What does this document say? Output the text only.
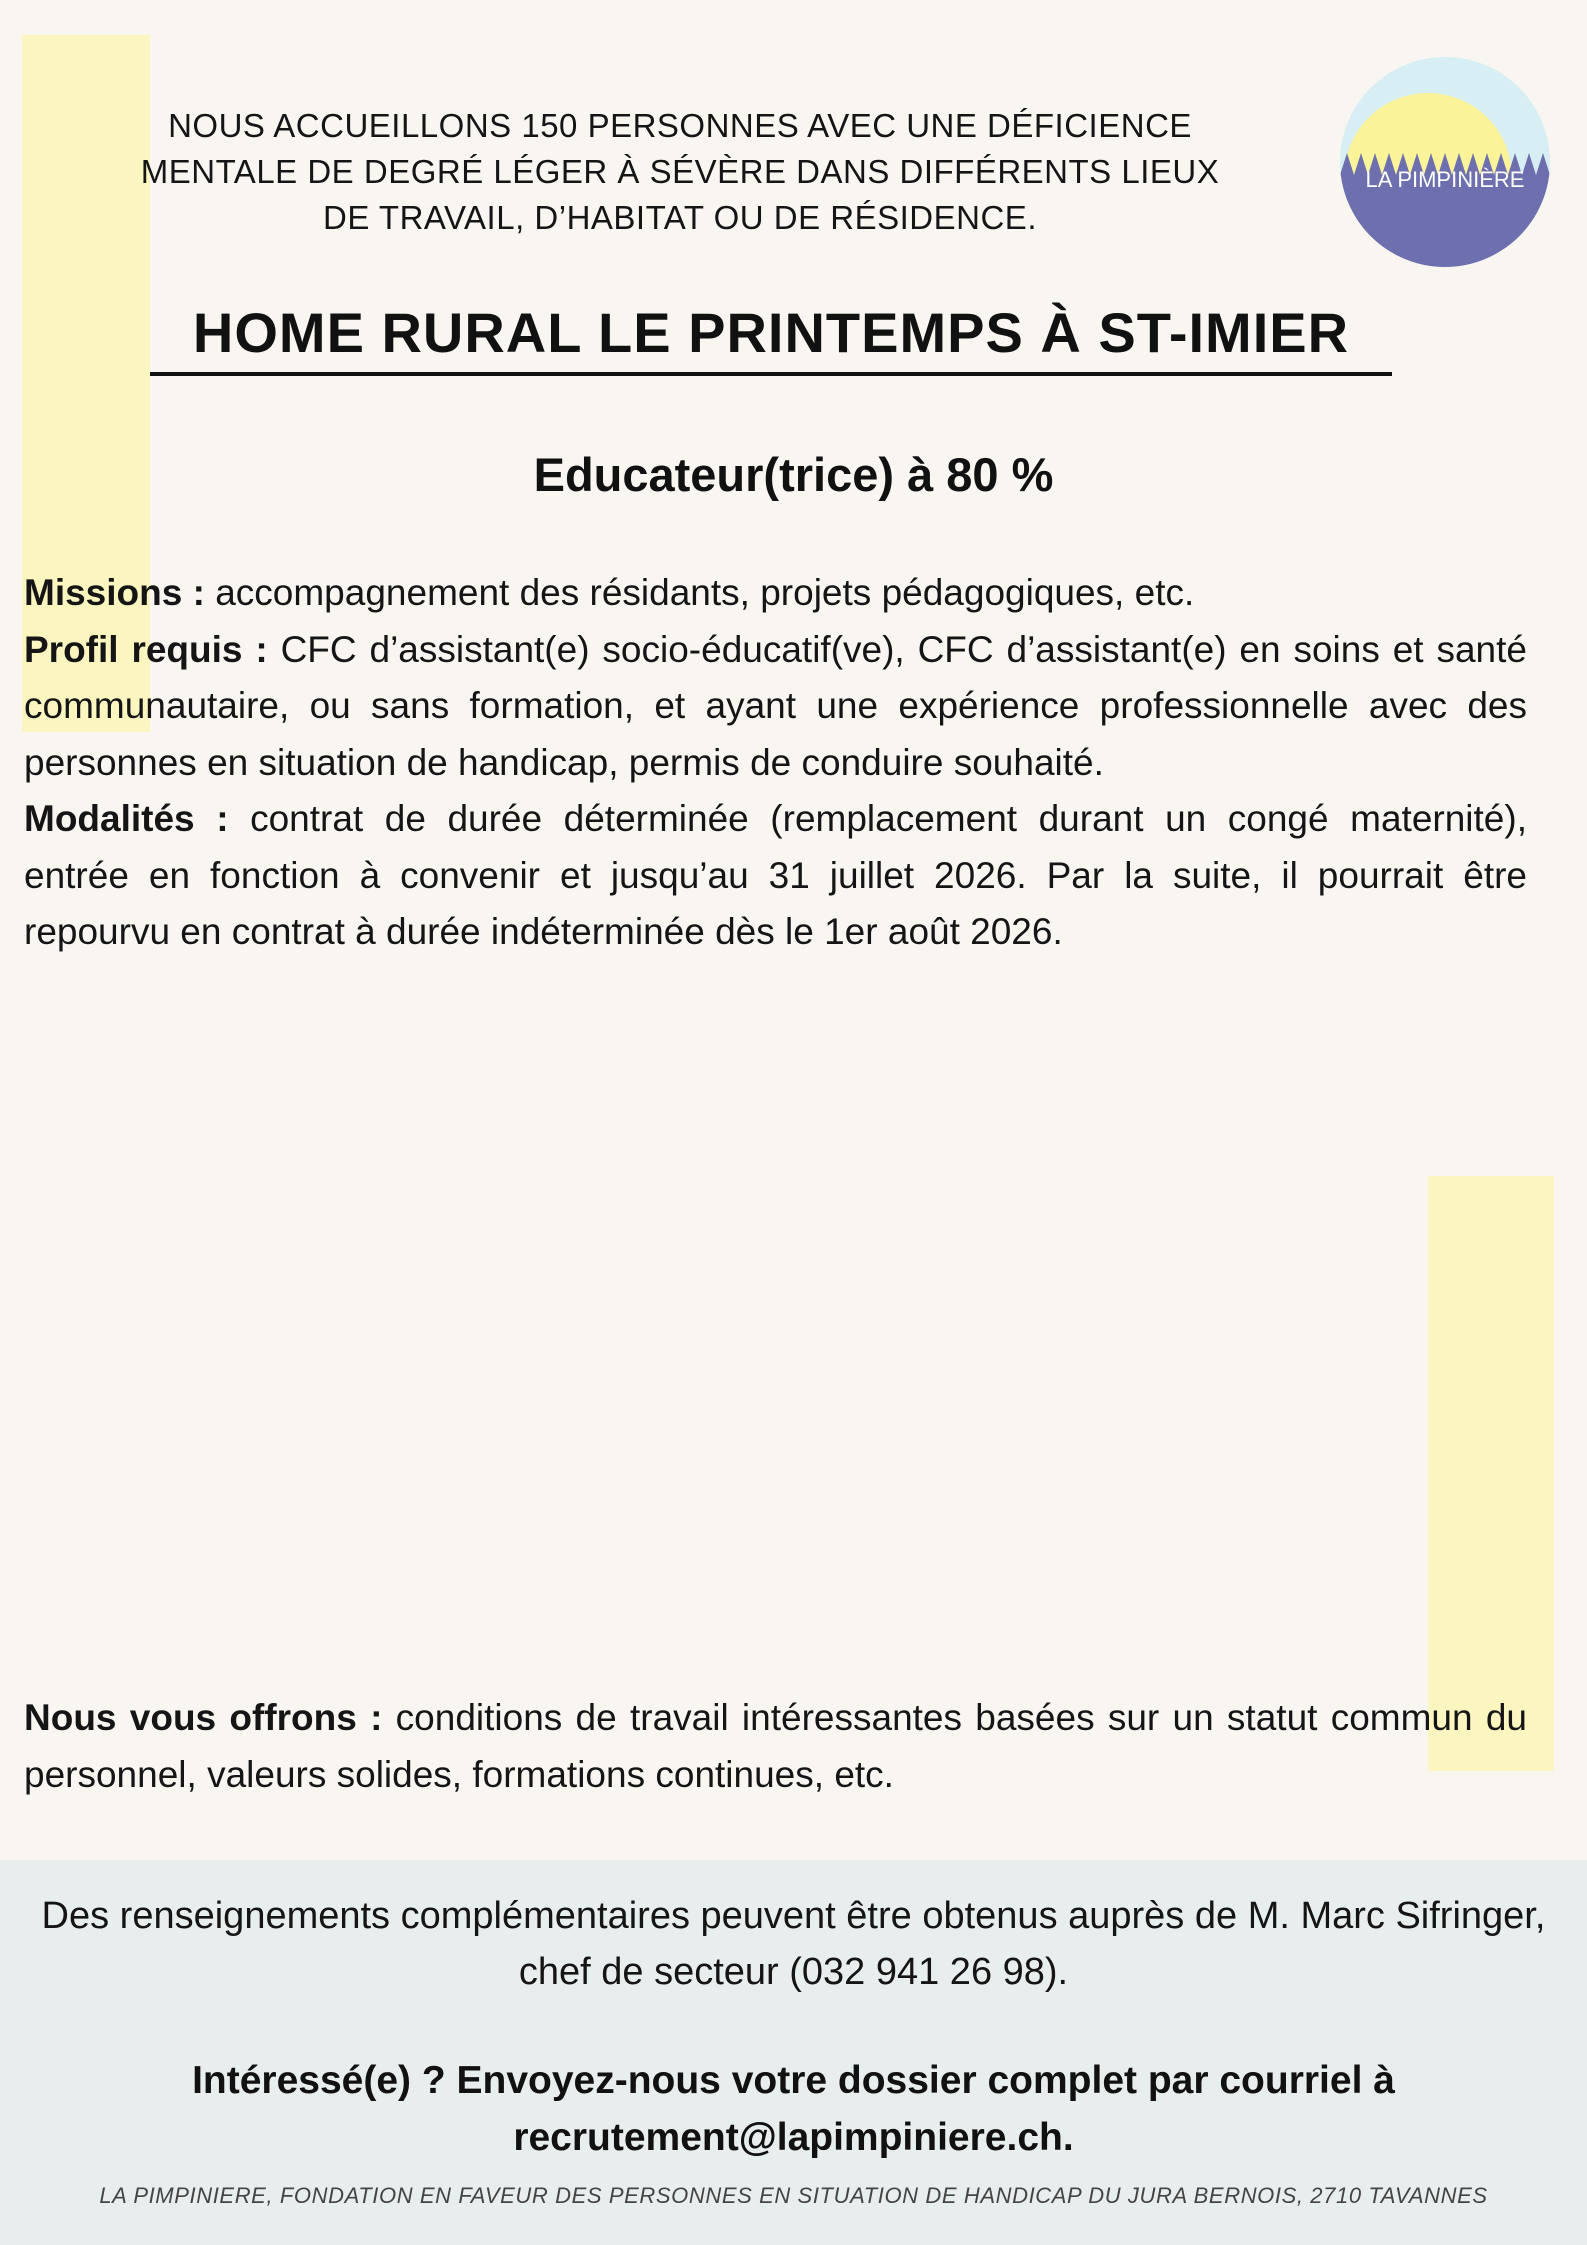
NOUS ACCUEILLONS 150 PERSONNES AVEC UNE DÉFICIENCE
MENTALE DE DEGRÉ LÉGER À SÉVÈRE DANS DIFFÉRENTS LIEUX
DE TRAVAIL, D’HABITAT OU DE RÉSIDENCE.
LA PIMPINIÈRE
HOME RURAL LE PRINTEMPS À ST-IMIER
Educateur(trice) à 80 %

Missions : accompagnement des résidants, projets pédagogiques, etc.

Profil requis : CFC d’assistant(e) socio-éducatif(ve), CFC d’assistant(e) en soins et santé communautaire, ou sans formation, et ayant une expérience professionnelle avec des personnes en situation de handicap, permis de conduire souhaité.

Modalités : contrat de durée déterminée (remplacement durant un congé maternité), entrée en fonction à convenir et jusqu’au 31 juillet 2026. Par la suite, il pourrait être repourvu en contrat à durée indéterminée dès le 1er août 2026.

Nous vous offrons : conditions de travail intéressantes basées sur un statut commun du personnel, valeurs solides, formations continues, etc.

Des renseignements complémentaires peuvent être obtenus auprès de M. Marc Sifringer, chef de secteur (032 941 26 98).
Intéressé(e) ? Envoyez-nous votre dossier complet par courriel à
recrutement@lapimpiniere.ch.
LA PIMPINIERE, FONDATION EN FAVEUR DES PERSONNES EN SITUATION DE HANDICAP DU JURA BERNOIS, 2710 TAVANNES
